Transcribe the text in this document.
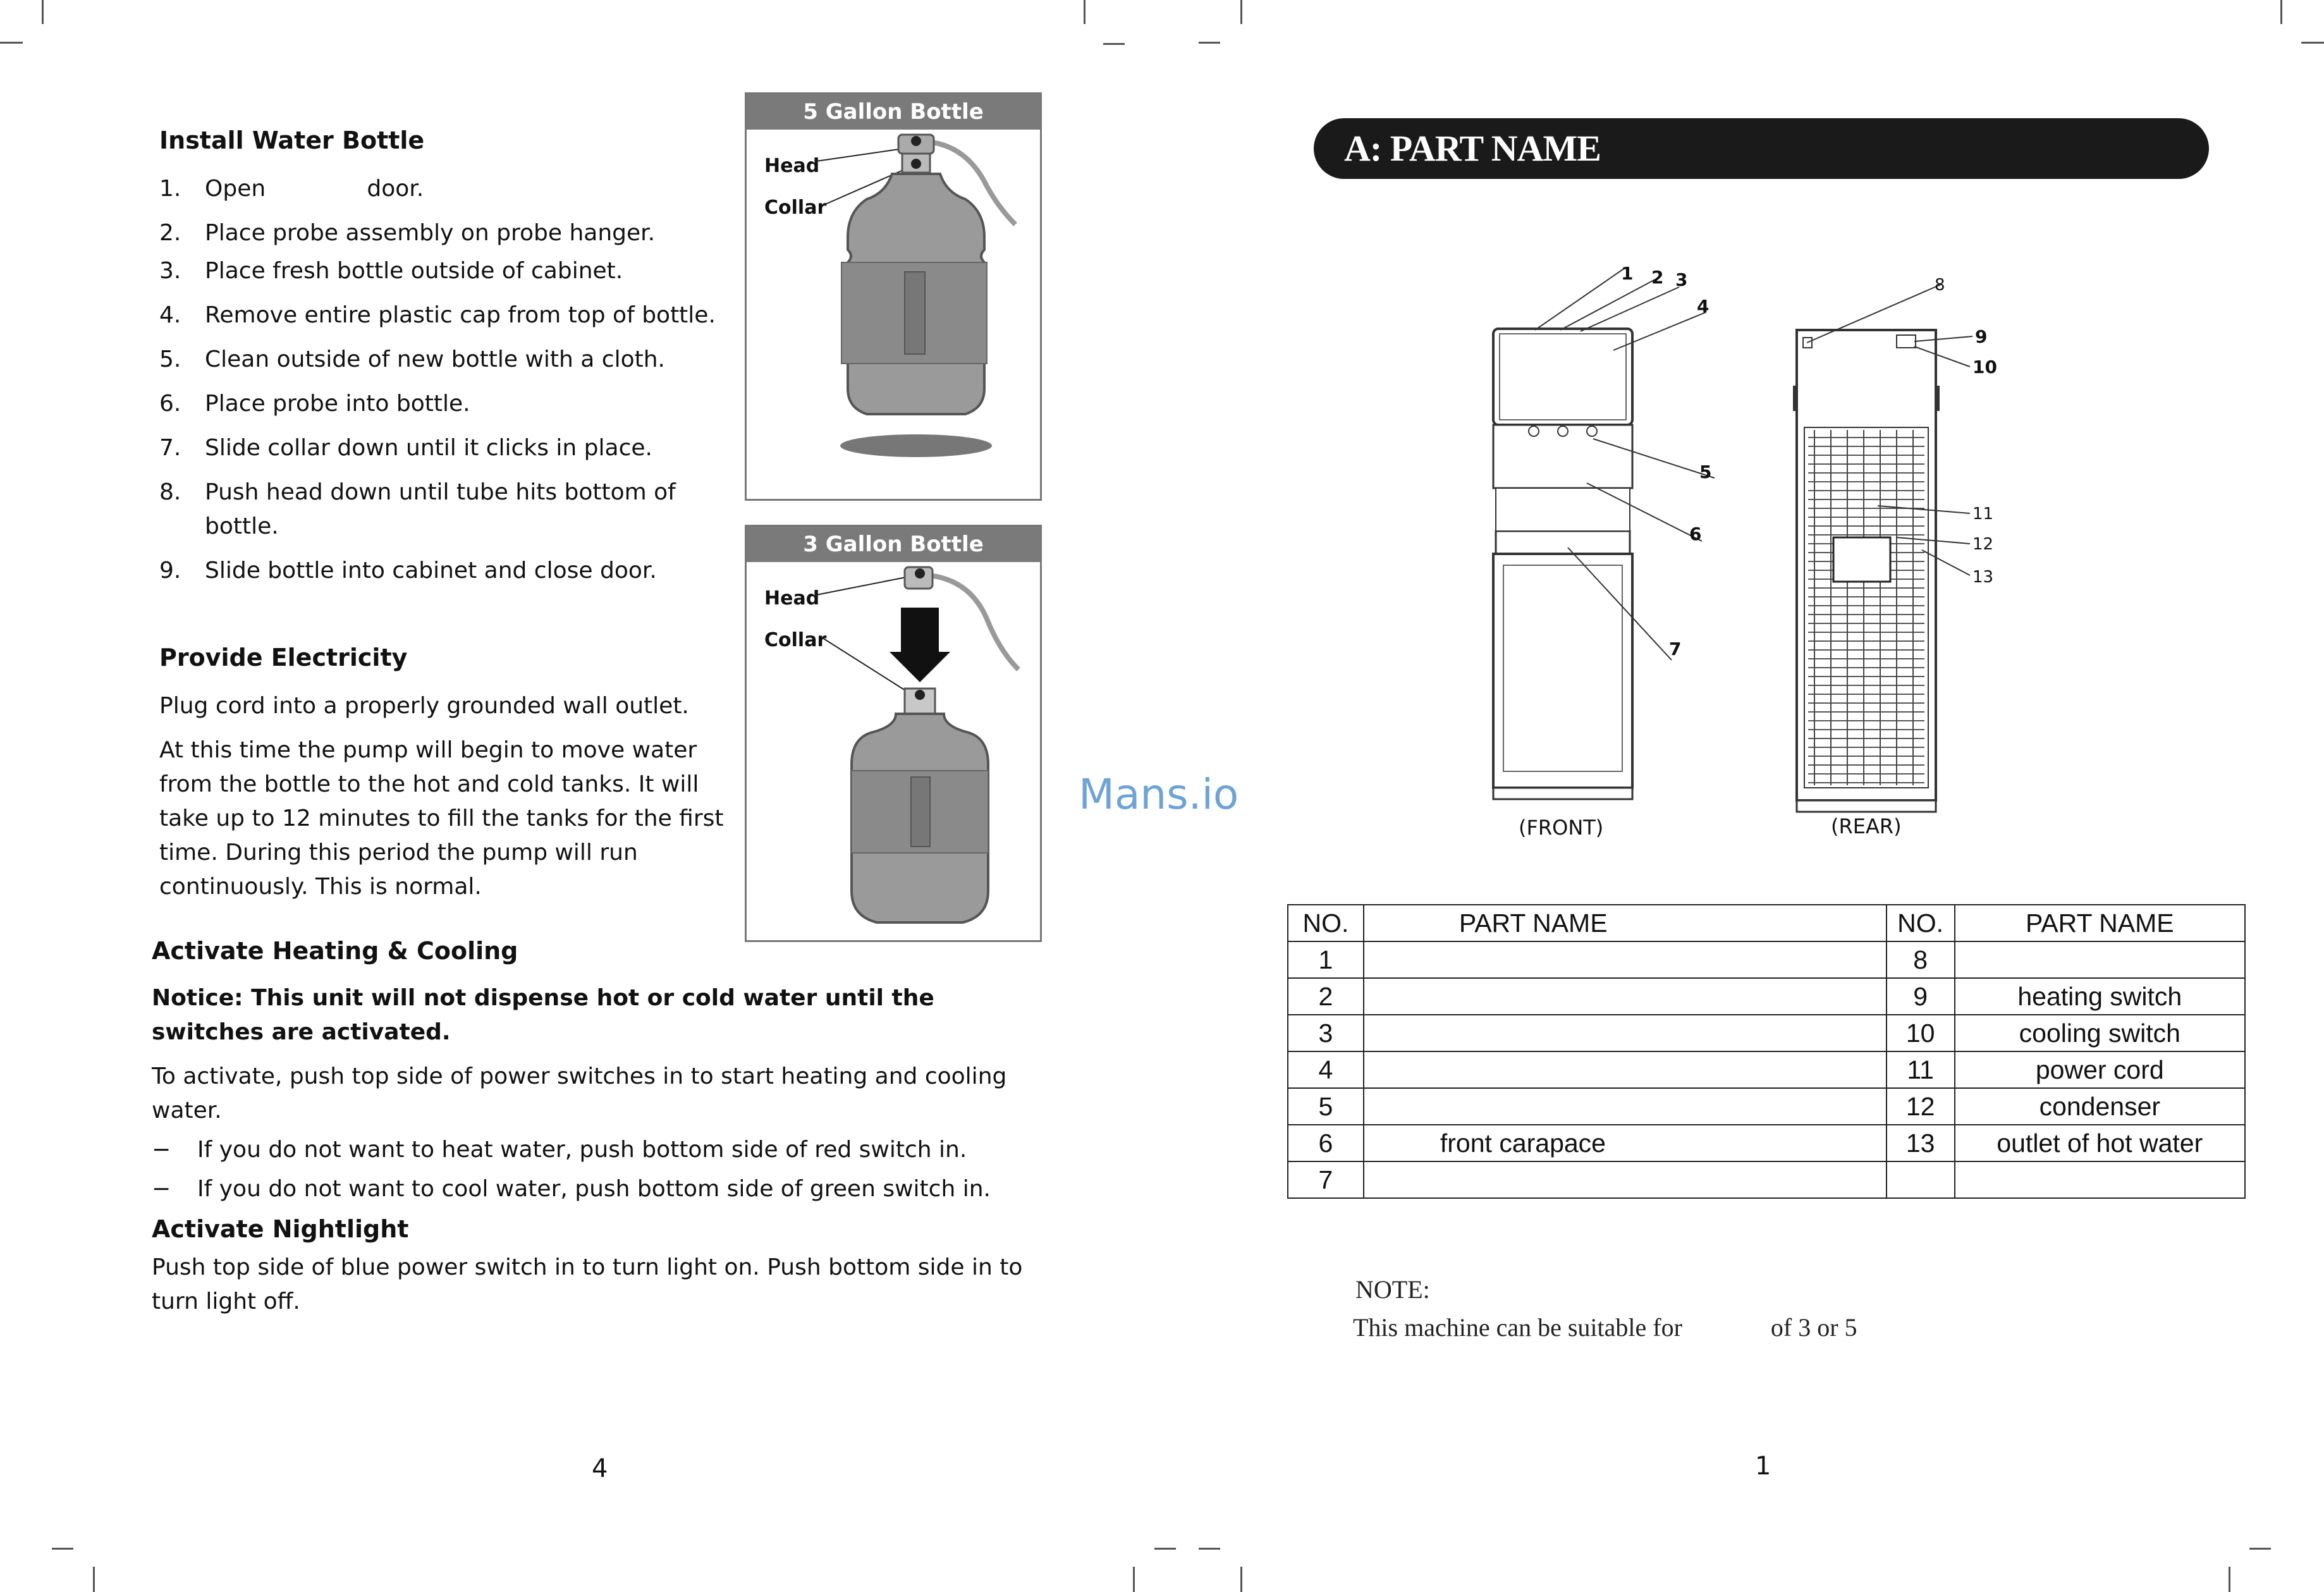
Install Water Bottle
1. Open              door.
2. Place probe assembly on probe hanger.
3. Place fresh bottle outside of cabinet.
4. Remove entire plastic cap from top of bottle.
5. Clean outside of new bottle with a cloth.
6. Place probe into bottle.
7. Slide collar down until it clicks in place.
8. Push head down until tube hits bottom of bottle.
9. Slide bottle into cabinet and close door.
Provide Electricity
Plug cord into a properly grounded wall outlet.
At this time the pump will begin to move water from the bottle to the hot and cold tanks. It will take up to 12 minutes to fill the tanks for the first time. During this period the pump will run continuously. This is normal.
Activate Heating & Cooling
Notice: This unit will not dispense hot or cold water until the switches are activated.
To activate, push top side of power switches in to start heating and cooling water.
− If you do not want to heat water, push bottom side of red switch in.
− If you do not want to cool water, push bottom side of green switch in.
Activate Nightlight
Push top side of blue power switch in to turn light on. Push bottom side in to turn light off.
5 Gallon Bottle
Head
Collar
3 Gallon Bottle
Head
Collar
4
Mans.io
A: PART NAME
1 2 3
4
5
6
7
(FRONT)
8
9
10
11
12
13
(REAR)
NO.	PART NAME	NO.	PART NAME
1		8	
2		9	heating switch
3		10	cooling switch
4		11	power cord
5		12	condenser
6	front carapace	13	outlet of hot water
7			
NOTE:
This machine can be suitable for              of 3 or 5
1
